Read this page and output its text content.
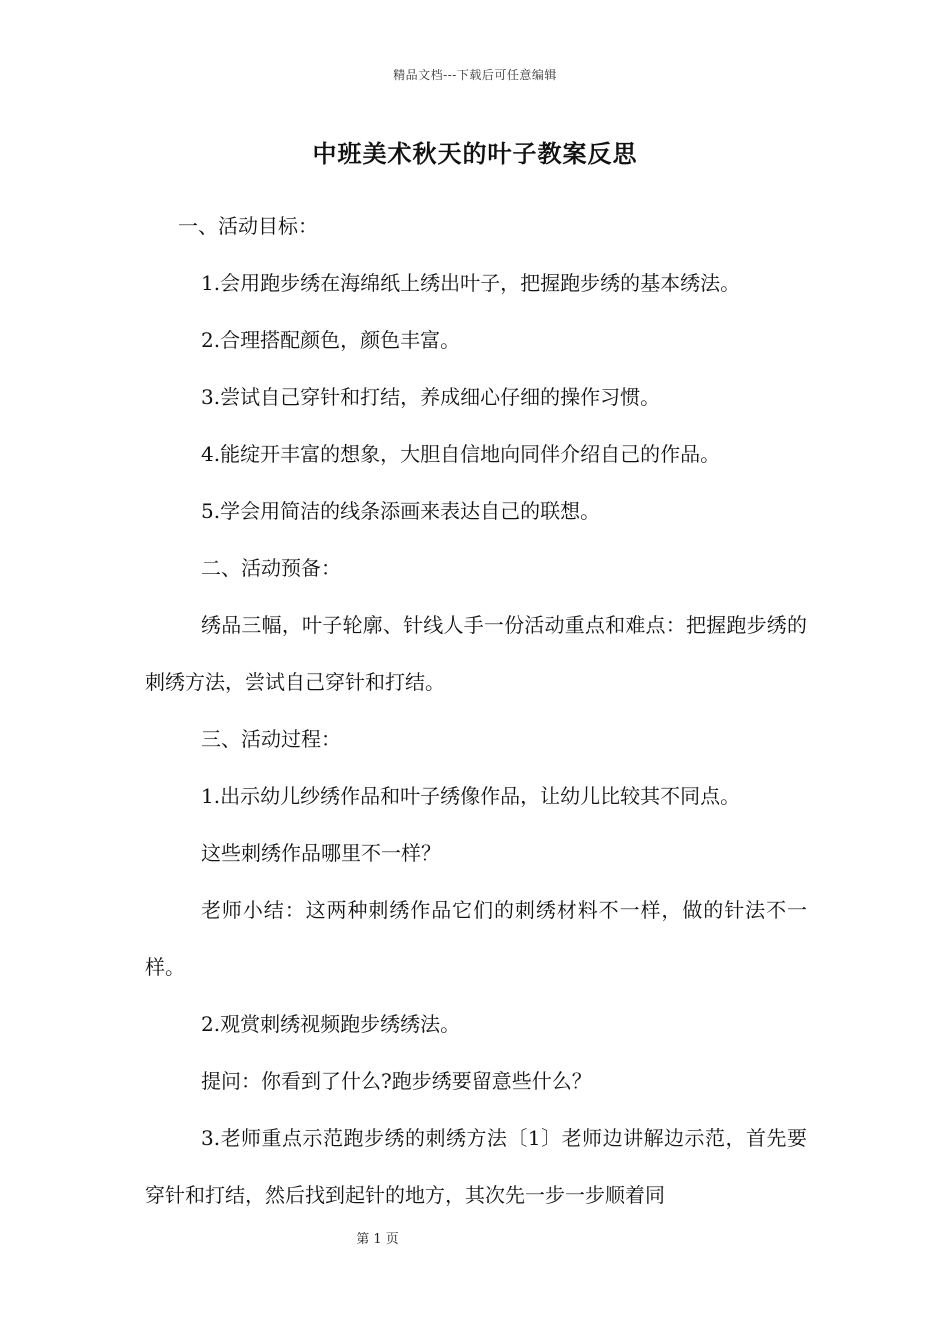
精品文档---下载后可任意编辑
中班美术秋天的叶子教案反思

一、活动目标：

1.会用跑步绣在海绵纸上绣出叶子，把握跑步绣的基本绣法。

2.合理搭配颜色，颜色丰富。

3.尝试自己穿针和打结，养成细心仔细的操作习惯。

4.能绽开丰富的想象，大胆自信地向同伴介绍自己的作品。

5.学会用简洁的线条添画来表达自己的联想。

二、活动预备：

绣品三幅，叶子轮廓、针线人手一份活动重点和难点：把握跑步绣的刺绣方法，尝试自己穿针和打结。

三、活动过程：

1.出示幼儿纱绣作品和叶子绣像作品，让幼儿比较其不同点。

这些刺绣作品哪里不一样？

老师小结：这两种刺绣作品它们的刺绣材料不一样，做的针法不一样。

2.观赏刺绣视频跑步绣绣法。

提问：你看到了什么?跑步绣要留意些什么？

3.老师重点示范跑步绣的刺绣方法〔1〕老师边讲解边示范，首先要穿针和打结，然后找到起针的地方，其次先一步一步顺着同

第 1 页
